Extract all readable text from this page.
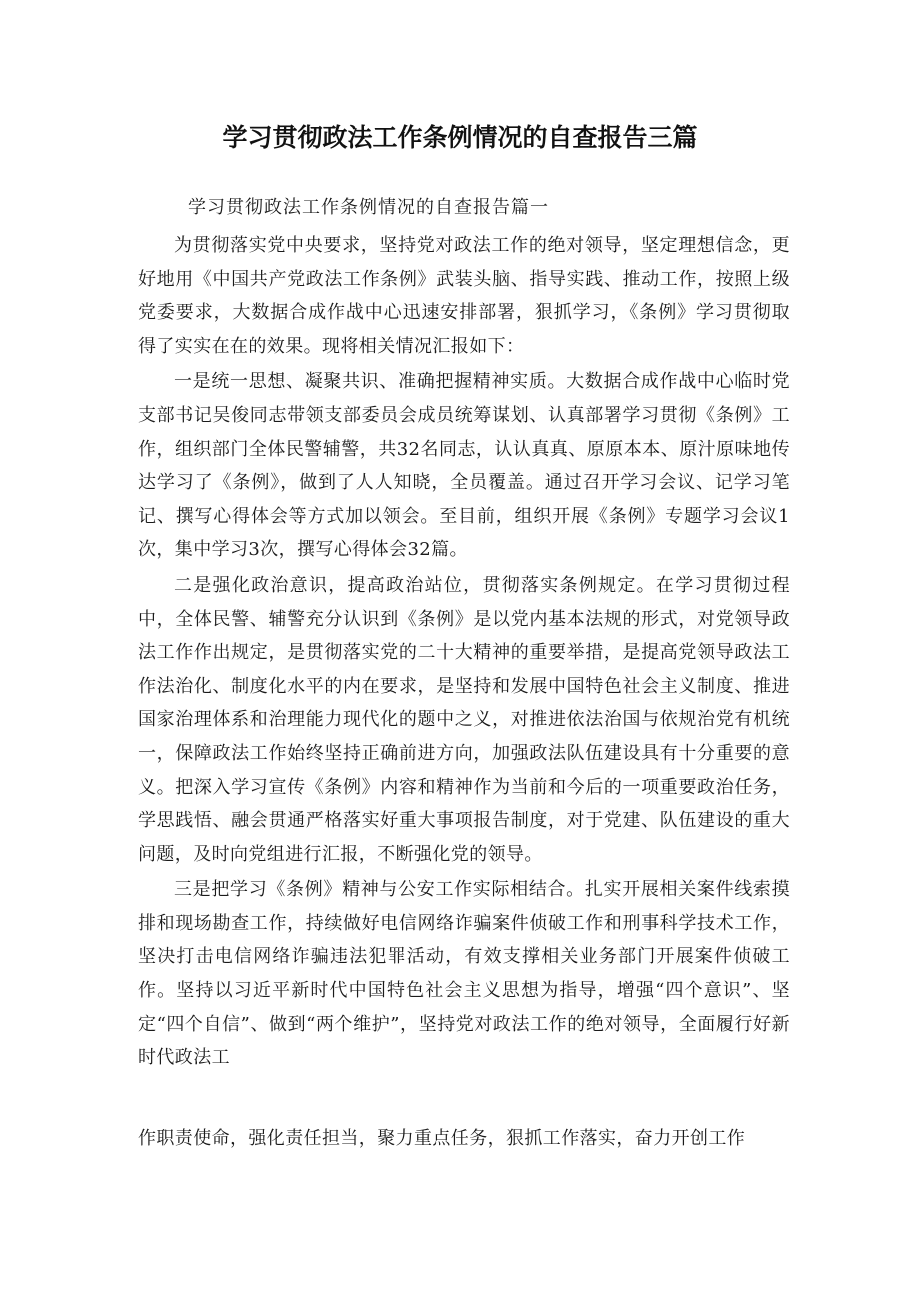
学习贯彻政法工作条例情况的自查报告三篇
学习贯彻政法工作条例情况的自查报告篇一

为贯彻落实党中央要求，坚持党对政法工作的绝对领导，坚定理想信念，更好地用《中国共产党政法工作条例》武装头脑、指导实践、推动工作，按照上级党委要求，大数据合成作战中心迅速安排部署，狠抓学习，《条例》学习贯彻取得了实实在在的效果。现将相关情况汇报如下：

一是统一思想、凝聚共识、准确把握精神实质。大数据合成作战中心临时党支部书记吴俊同志带领支部委员会成员统筹谋划、认真部署学习贯彻《条例》工作，组织部门全体民警辅警，共32名同志，认认真真、原原本本、原汁原味地传达学习了《条例》，做到了人人知晓，全员覆盖。通过召开学习会议、记学习笔记、撰写心得体会等方式加以领会。至目前，组织开展《条例》专题学习会议1次，集中学习3次，撰写心得体会32篇。

二是强化政治意识，提高政治站位，贯彻落实条例规定。在学习贯彻过程中，全体民警、辅警充分认识到《条例》是以党内基本法规的形式，对党领导政法工作作出规定，是贯彻落实党的二十大精神的重要举措，是提高党领导政法工作法治化、制度化水平的内在要求，是坚持和发展中国特色社会主义制度、推进国家治理体系和治理能力现代化的题中之义，对推进依法治国与依规治党有机统一，保障政法工作始终坚持正确前进方向，加强政法队伍建设具有十分重要的意义。把深入学习宣传《条例》内容和精神作为当前和今后的一项重要政治任务，学思践悟、融会贯通严格落实好重大事项报告制度，对于党建、队伍建设的重大问题，及时向党组进行汇报，不断强化党的领导。

三是把学习《条例》精神与公安工作实际相结合。扎实开展相关案件线索摸排和现场勘查工作，持续做好电信网络诈骗案件侦破工作和刑事科学技术工作，坚决打击电信网络诈骗违法犯罪活动，有效支撑相关业务部门开展案件侦破工作。坚持以习近平新时代中国特色社会主义思想为指导，增强“四个意识”、坚定“四个自信”、做到“两个维护”，坚持党对政法工作的绝对领导，全面履行好新时代政法工

作职责使命，强化责任担当，聚力重点任务，狠抓工作落实，奋力开创工作
